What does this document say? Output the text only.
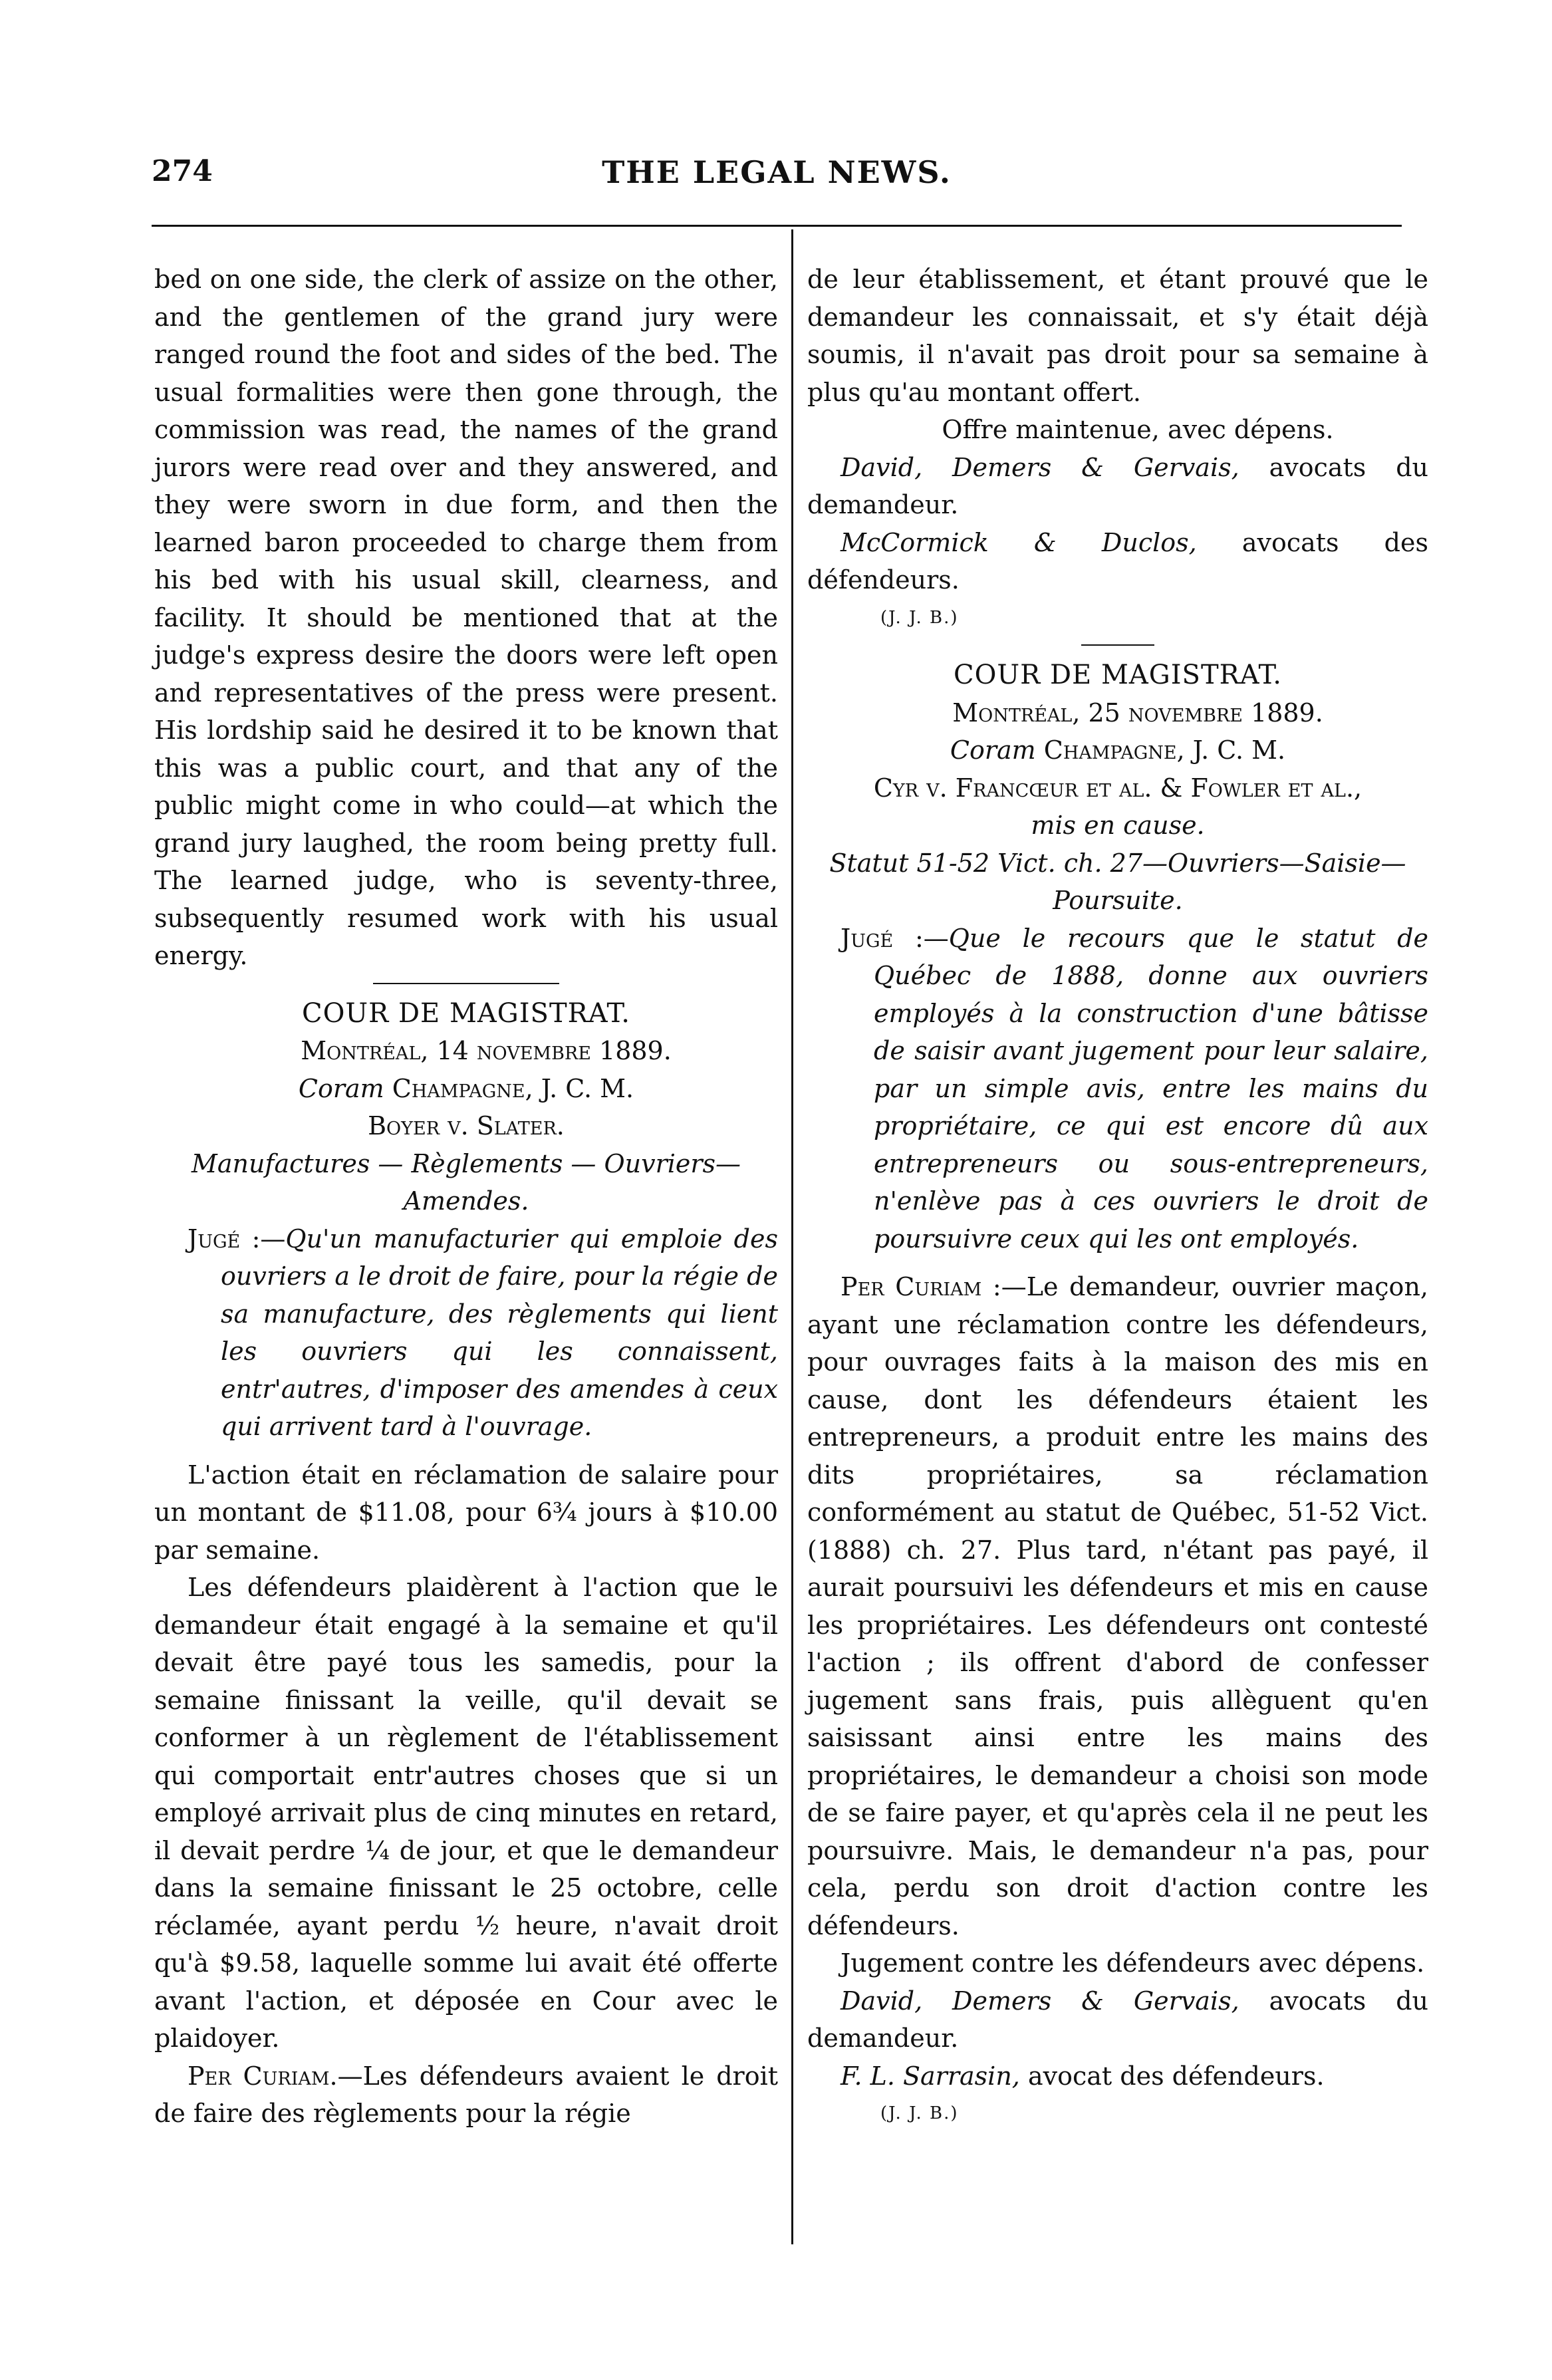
274	THE LEGAL NEWS.

bed on one side, the clerk of assize on the other, and the gentlemen of the grand jury were ranged round the foot and sides of the bed. The usual formalities were then gone through, the commission was read, the names of the grand jurors were read over and they answered, and they were sworn in due form, and then the learned baron proceeded to charge them from his bed with his usual skill, clearness, and facility. It should be mentioned that at the judge's express desire the doors were left open and representatives of the press were present. His lordship said he desired it to be known that this was a public court, and that any of the public might come in who could—at which the grand jury laughed, the room being pretty full. The learned judge, who is seventy-three, subsequently resumed work with his usual energy.

COUR DE MAGISTRAT.

Montréal, 14 novembre 1889.

Coram Champagne, J. C. M.

Boyer v. Slater.

Manufactures — Règlements — Ouvriers—Amendes.

Jugé :—Qu'un manufacturier qui emploie des ouvriers a le droit de faire, pour la régie de sa manufacture, des règlements qui lient les ouvriers qui les connaissent, entr'autres, d'imposer des amendes à ceux qui arrivent tard à l'ouvrage.

L'action était en réclamation de salaire pour un montant de $11.08, pour 6¾ jours à $10.00 par semaine.

Les défendeurs plaidèrent à l'action que le demandeur était engagé à la semaine et qu'il devait être payé tous les samedis, pour la semaine finissant la veille, qu'il devait se conformer à un règlement de l'établissement qui comportait entr'autres choses que si un employé arrivait plus de cinq minutes en retard, il devait perdre ¼ de jour, et que le demandeur dans la semaine finissant le 25 octobre, celle réclamée, ayant perdu ½ heure, n'avait droit qu'à $9.58, laquelle somme lui avait été offerte avant l'action, et déposée en Cour avec le plaidoyer.

Per Curiam.—Les défendeurs avaient le droit de faire des règlements pour la régie

de leur établissement, et étant prouvé que le demandeur les connaissait, et s'y était déjà soumis, il n'avait pas droit pour sa semaine à plus qu'au montant offert.

Offre maintenue, avec dépens.

David, Demers & Gervais, avocats du demandeur.

McCormick & Duclos, avocats des défendeurs.

(J. J. B.)

COUR DE MAGISTRAT.

Montréal, 25 novembre 1889.

Coram Champagne, J. C. M.

Cyr v. Francœur et al. & Fowler et al.,

mis en cause.

Statut 51-52 Vict. ch. 27—Ouvriers—Saisie—Poursuite.

Jugé :—Que le recours que le statut de Québec de 1888, donne aux ouvriers employés à la construction d'une bâtisse de saisir avant jugement pour leur salaire, par un simple avis, entre les mains du propriétaire, ce qui est encore dû aux entrepreneurs ou sous-entrepreneurs, n'enlève pas à ces ouvriers le droit de poursuivre ceux qui les ont employés.

Per Curiam :—Le demandeur, ouvrier maçon, ayant une réclamation contre les défendeurs, pour ouvrages faits à la maison des mis en cause, dont les défendeurs étaient les entrepreneurs, a produit entre les mains des dits propriétaires, sa réclamation conformément au statut de Québec, 51-52 Vict. (1888) ch. 27. Plus tard, n'étant pas payé, il aurait poursuivi les défendeurs et mis en cause les propriétaires. Les défendeurs ont contesté l'action ; ils offrent d'abord de confesser jugement sans frais, puis allèguent qu'en saisissant ainsi entre les mains des propriétaires, le demandeur a choisi son mode de se faire payer, et qu'après cela il ne peut les poursuivre. Mais, le demandeur n'a pas, pour cela, perdu son droit d'action contre les défendeurs.

Jugement contre les défendeurs avec dépens.

David, Demers & Gervais, avocats du demandeur.

F. L. Sarrasin, avocat des défendeurs.

(J. J. B.)
